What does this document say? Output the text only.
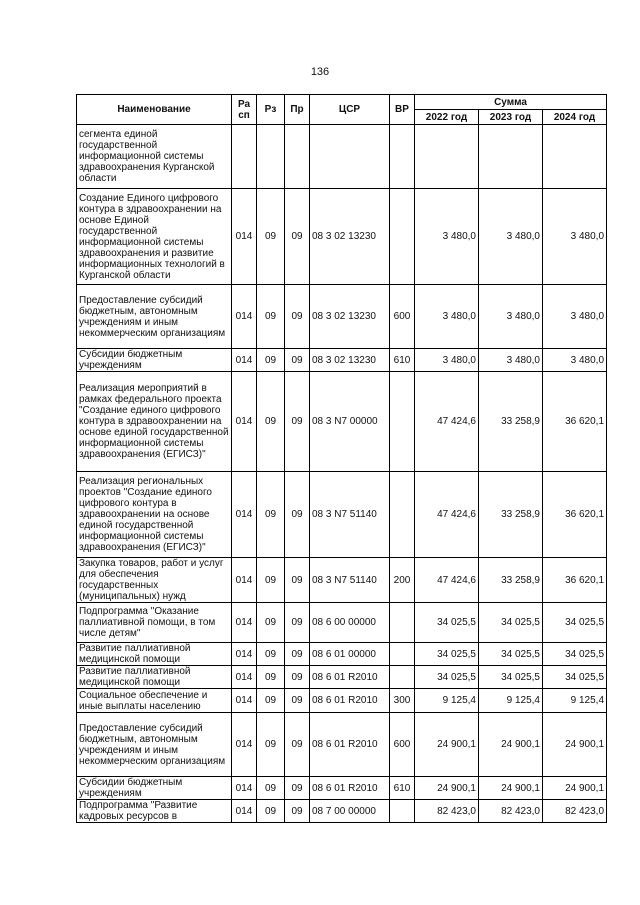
136
Наименование	Ра сп	Рз	Пр	ЦСР	ВР	Сумма		
						2022 год	2023 год	2024 год
сегмента единой государственной информационной системы здравоохранения Курганской области								
Создание Единого цифрового контура в здравоохранении на основе Единой государственной информационной системы здравоохранения и развитие информационных технологий в Курганской области	014	09	09	08 3 02 13230		3 480,0	3 480,0	3 480,0
Предоставление субсидий бюджетным, автономным учреждениям и иным некоммерческим организациям	014	09	09	08 3 02 13230	600	3 480,0	3 480,0	3 480,0
Субсидии бюджетным учреждениям	014	09	09	08 3 02 13230	610	3 480,0	3 480,0	3 480,0
Реализация мероприятий в рамках федерального проекта "Создание единого цифрового контура в здравоохранении на основе единой государственной информационной системы здравоохранения (ЕГИСЗ)"	014	09	09	08 3 N7 00000		47 424,6	33 258,9	36 620,1
Реализация региональных проектов "Создание единого цифрового контура в здравоохранении на основе единой государственной информационной системы здравоохранения (ЕГИСЗ)"	014	09	09	08 3 N7 51140		47 424,6	33 258,9	36 620,1
Закупка товаров, работ и услуг для обеспечения государственных (муниципальных) нужд	014	09	09	08 3 N7 51140	200	47 424,6	33 258,9	36 620,1
Подпрограмма "Оказание паллиативной помощи, в том числе детям"	014	09	09	08 6 00 00000		34 025,5	34 025,5	34 025,5
Развитие паллиативной медицинской помощи	014	09	09	08 6 01 00000		34 025,5	34 025,5	34 025,5
Развитие паллиативной медицинской помощи	014	09	09	08 6 01 R2010		34 025,5	34 025,5	34 025,5
Социальное обеспечение и иные выплаты населению	014	09	09	08 6 01 R2010	300	9 125,4	9 125,4	9 125,4
Предоставление субсидий бюджетным, автономным учреждениям и иным некоммерческим организациям	014	09	09	08 6 01 R2010	600	24 900,1	24 900,1	24 900,1
Субсидии бюджетным учреждениям	014	09	09	08 6 01 R2010	610	24 900,1	24 900,1	24 900,1
Подпрограмма "Развитие кадровых ресурсов в	014	09	09	08 7 00 00000		82 423,0	82 423,0	82 423,0
